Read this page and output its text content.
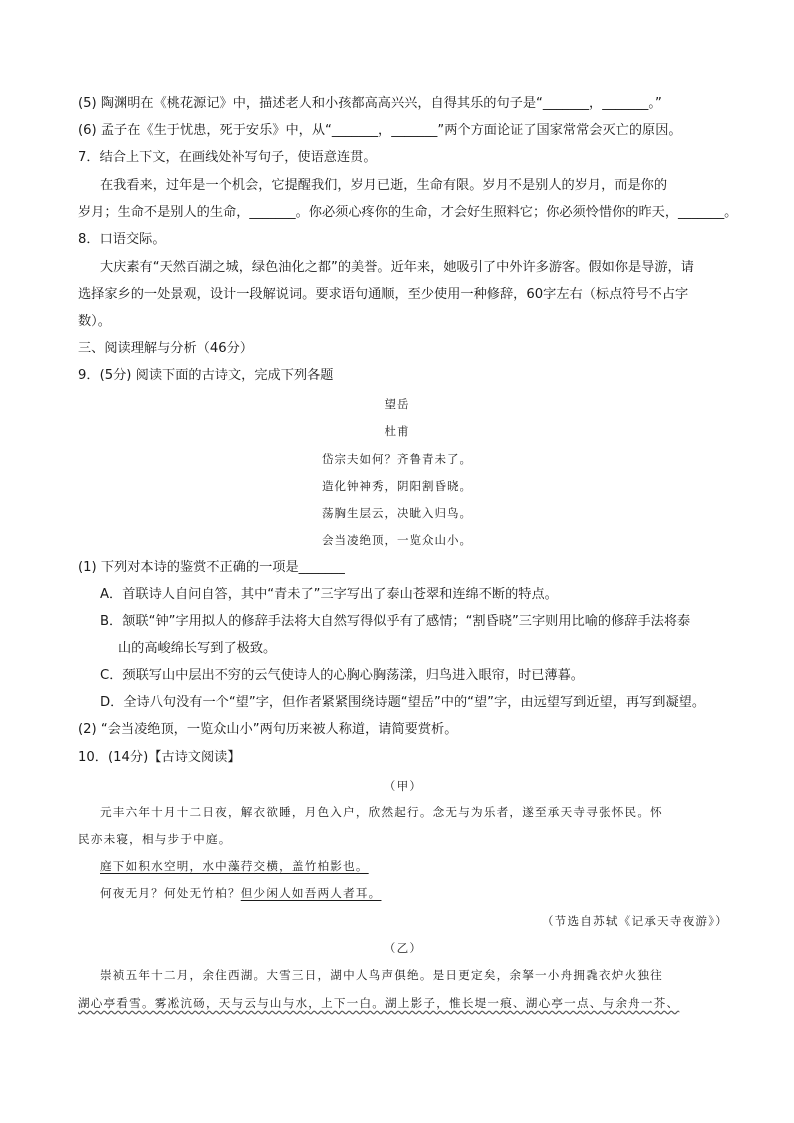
(5) 陶渊明在《桃花源记》中，描述老人和小孩都高高兴兴，自得其乐的句子是“_______，_______。”
(6) 孟子在《生于忧患，死于安乐》中，从“_______，_______”两个方面论证了国家常常会灭亡的原因。
7．结合上下文，在画线处补写句子，使语意连贯。
在我看来，过年是一个机会，它提醒我们，岁月已逝，生命有限。岁月不是别人的岁月，而是你的
岁月；生命不是别人的生命，_______。你必须心疼你的生命，才会好生照料它；你必须怜惜你的昨天，_______。
8．口语交际。
大庆素有“天然百湖之城，绿色油化之都”的美誉。近年来，她吸引了中外许多游客。假如你是导游，请
选择家乡的一处景观，设计一段解说词。要求语句通顺，至少使用一种修辞，60字左右（标点符号不占字
数）。
三、阅读理解与分析（46分）
9．(5分) 阅读下面的古诗文，完成下列各题
望岳
杜甫
岱宗夫如何？齐鲁青未了。
造化钟神秀，阴阳割昏晓。
荡胸生层云，决眦入归鸟。
会当凌绝顶，一览众山小。
(1) 下列对本诗的鉴赏不正确的一项是_______
A．首联诗人自问自答，其中“青未了”三字写出了泰山苍翠和连绵不断的特点。
B．颔联“钟”字用拟人的修辞手法将大自然写得似乎有了感情；“割昏晓”三字则用比喻的修辞手法将泰
山的高峻绵长写到了极致。
C．颈联写山中层出不穷的云气使诗人的心胸心胸荡漾，归鸟进入眼帘，时已薄暮。
D．全诗八句没有一个“望”字，但作者紧紧围绕诗题“望岳”中的“望”字，由远望写到近望，再写到凝望。
(2) “会当凌绝顶，一览众山小”两句历来被人称道，请简要赏析。
10．(14分)【古诗文阅读】
（甲）
元丰六年十月十二日夜，解衣欲睡，月色入户，欣然起行。念无与为乐者，遂至承天寺寻张怀民。怀
民亦未寝，相与步于中庭。
庭下如积水空明，水中藻荇交横，盖竹柏影也。
何夜无月？何处无竹柏？但少闲人如吾两人者耳。
（节选自苏轼《记承天寺夜游》）
（乙）
崇祯五年十二月，余住西湖。大雪三日，湖中人鸟声俱绝。是日更定矣，余拏一小舟拥毳衣炉火独往
湖心亭看雪。雾凇沆砀，天与云与山与水，上下一白。湖上影子，惟长堤一痕、湖心亭一点、与余舟一芥、
